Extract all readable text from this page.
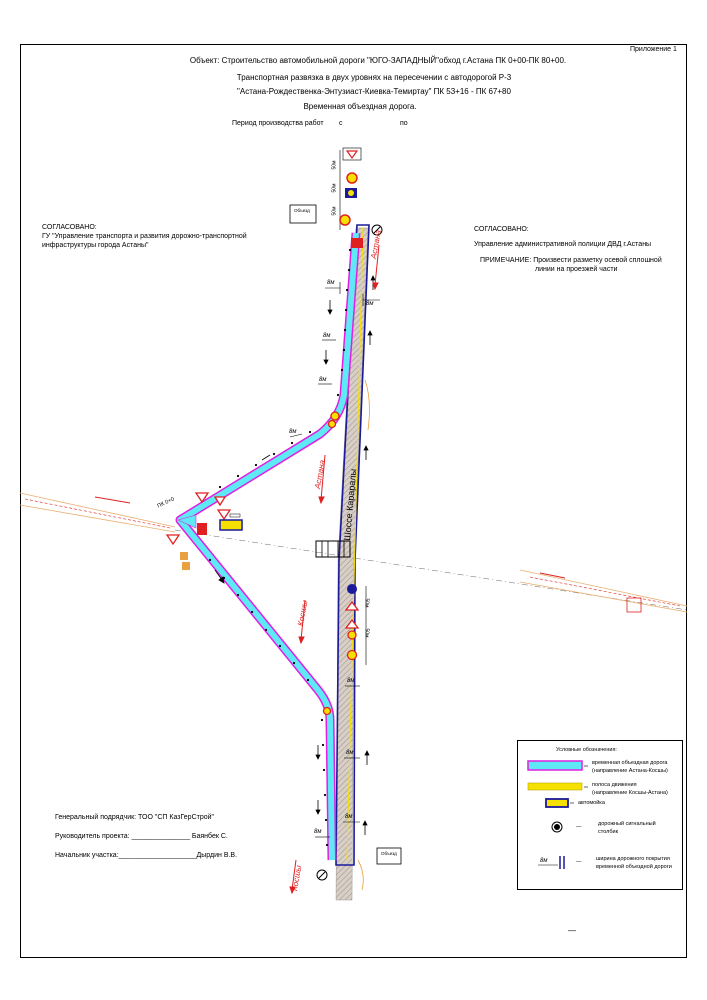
Приложение 1
Объект: Строительство автомобильной дороги "ЮГО-ЗАПАДНЫЙ"обход г.Астана ПК 0+00-ПК 80+00.
Транспортная развязка в двух уровнях на пересечении с автодорогой Р-3
"Астана-Рождественка-Энтузиаст-Киевка-Темиртау" ПК 53+16 - ПК 67+80
Временная объездная дорога.
Период производства работ с	по
СОГЛАСОВАНО:
ГУ "Управление транспорта и развития дорожно-транспортной
инфраструктуры города Астаны"
СОГЛАСОВАНО:
Управление административной полиции ДВД г.Астаны
ПРИМЕЧАНИЕ: Произвести разметку осевой сплошной
линии на проезжей части
Объезд
Объезд
Астана
Астана
Косшы
Косшы
Шоссе Караралы
8м
8м
8м
8м
8м
8м
8м
8м
8м
ПК 0+0
50м
50м
50м
50м
50м
Генеральный подрядчик: ТОО "СП КазГерСтрой"
Руководитель проекта: _______________ Баянбек С.
Начальник участка:____________________Дырдин В.В.
Условные обозначения:
временная объездная дорога
(направление Астана-Косшы)
полоса движения
(направление Косшы-Астана)
автомойка
—	дорожный сигнальный
столбик
8м	—	ширина дорожного покрытия
временной объездной дороги
—
